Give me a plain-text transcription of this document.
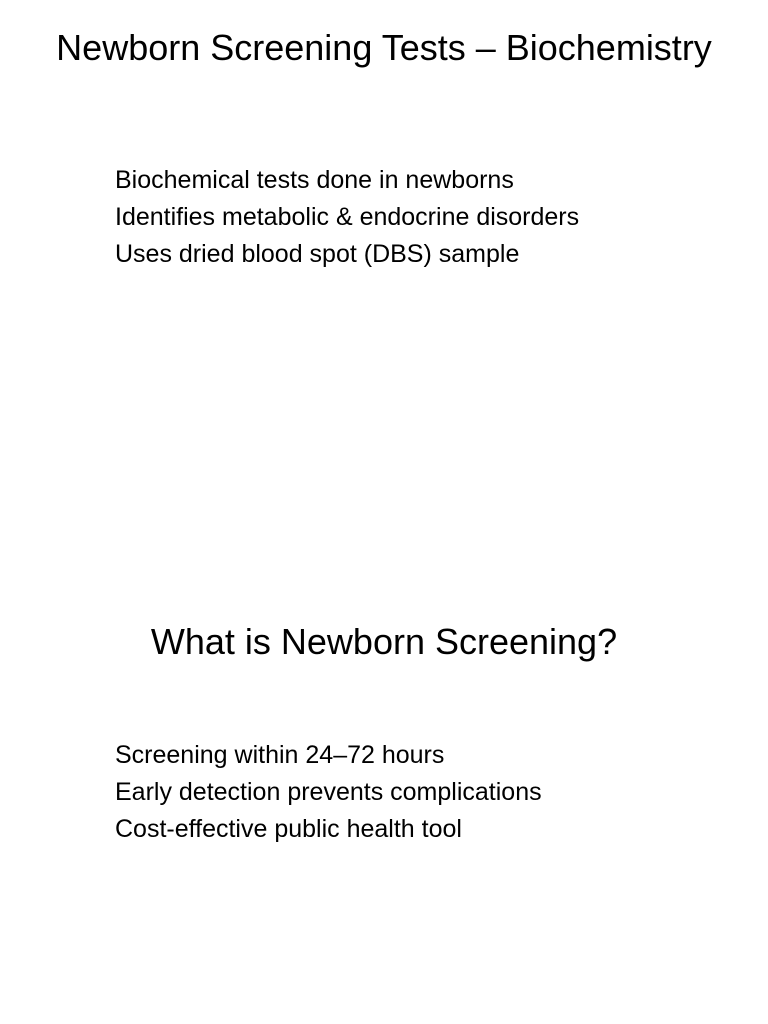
Newborn Screening Tests – Biochemistry
Biochemical tests done in newborns
Identifies metabolic & endocrine disorders
Uses dried blood spot (DBS) sample
What is Newborn Screening?
Screening within 24–72 hours
Early detection prevents complications
Cost-effective public health tool
